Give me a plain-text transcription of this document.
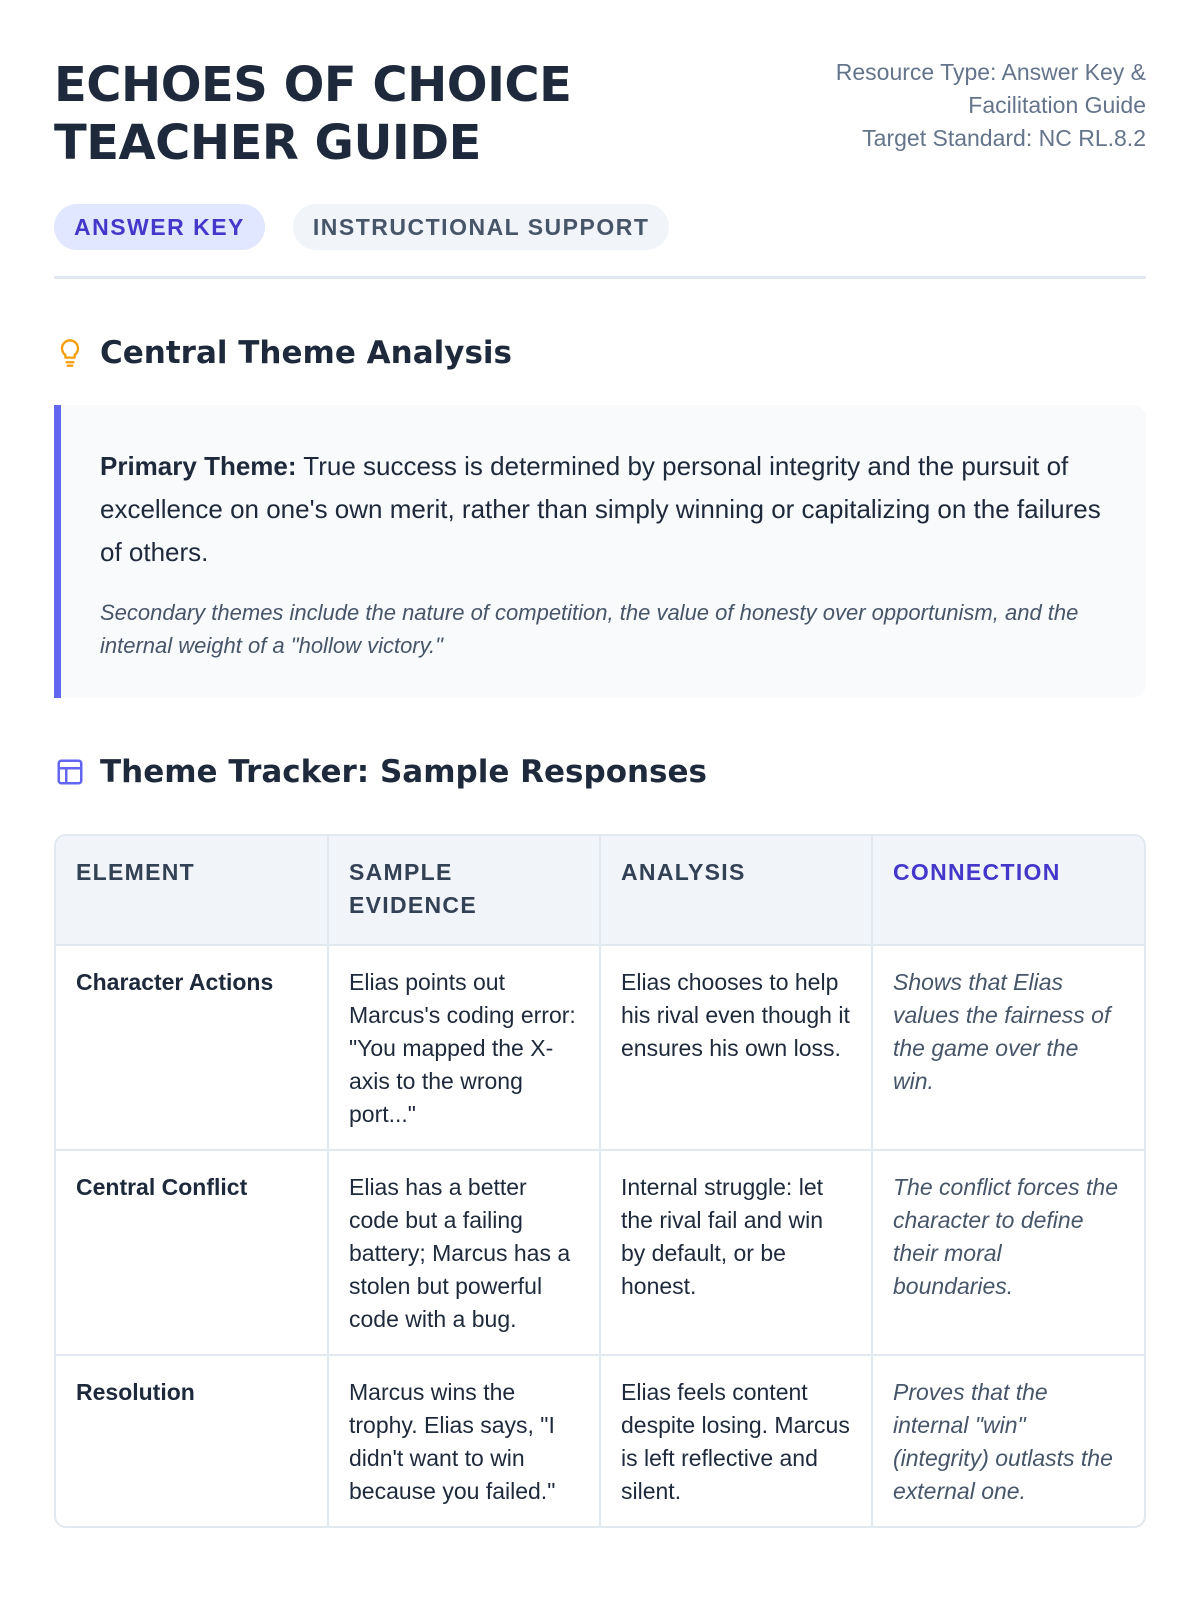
ECHOES OF CHOICE
TEACHER GUIDE
Resource Type: Answer Key &
Facilitation Guide
Target Standard: NC RL.8.2
ANSWER KEY	INSTRUCTIONAL SUPPORT
Central Theme Analysis

Primary Theme: True success is determined by personal integrity and the pursuit of excellence on one's own merit, rather than simply winning or capitalizing on the failures of others.

Secondary themes include the nature of competition, the value of honesty over opportunism, and the internal weight of a "hollow victory."

Theme Tracker: Sample Responses
ELEMENT	SAMPLE EVIDENCE	ANALYSIS	CONNECTION
Character Actions	Elias points out Marcus's coding error: "You mapped the X-axis to the wrong port..."	Elias chooses to help his rival even though it ensures his own loss.	Shows that Elias values the fairness of the game over the win.
Central Conflict	Elias has a better code but a failing battery; Marcus has a stolen but powerful code with a bug.	Internal struggle: let the rival fail and win by default, or be honest.	The conflict forces the character to define their moral boundaries.
Resolution	Marcus wins the trophy. Elias says, "I didn't want to win because you failed."	Elias feels content despite losing. Marcus is left reflective and silent.	Proves that the internal "win" (integrity) outlasts the external one.
